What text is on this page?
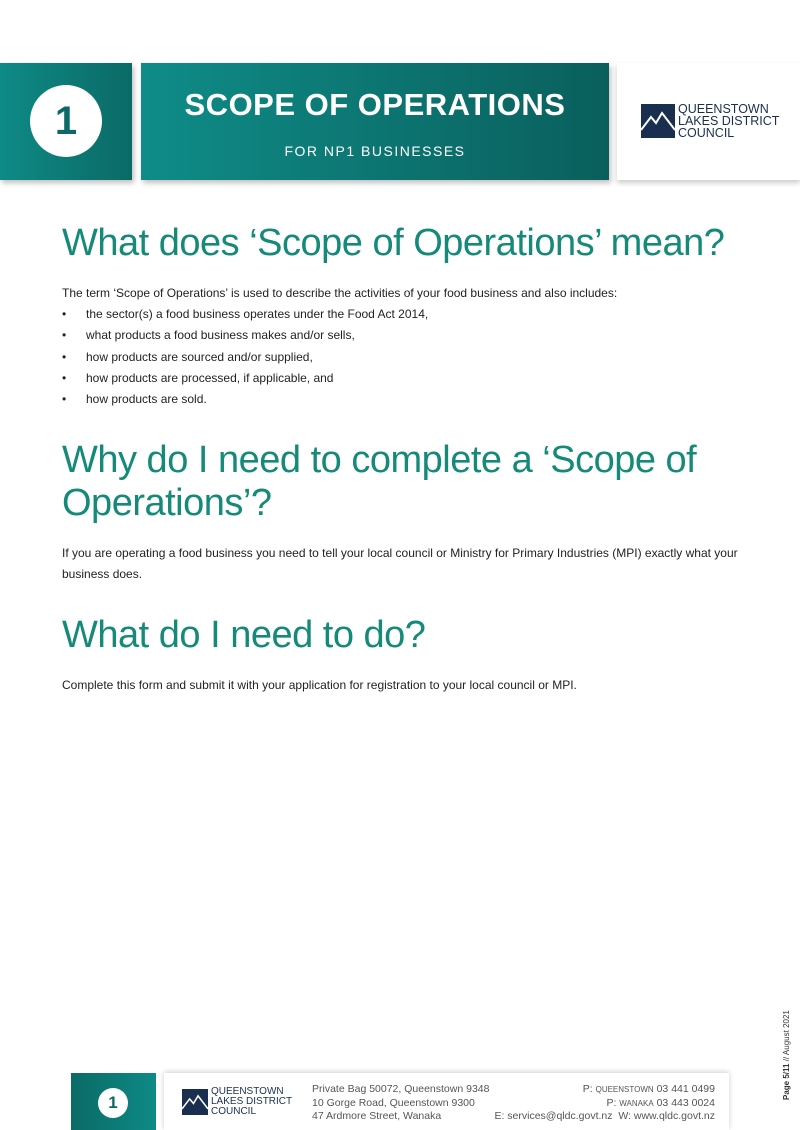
1	SCOPE OF OPERATIONS
FOR NP1 BUSINESSES
QUEENSTOWN
LAKES DISTRICT
COUNCIL
What does ‘Scope of Operations’ mean?

The term ‘Scope of Operations’ is used to describe the activities of your food business and also includes:

• the sector(s) a food business operates under the Food Act 2014,
• what products a food business makes and/or sells,
• how products are sourced and/or supplied,
• how products are processed, if applicable, and
• how products are sold.
Why do I need to complete a ‘Scope of Operations’?

If you are operating a food business you need to tell your local council or Ministry for Primary Industries (MPI) exactly what your business does.

What do I need to do?

Complete this form and submit it with your application for registration to your local council or MPI.

1
QUEENSTOWN
LAKES DISTRICT
COUNCIL
Private Bag 50072, Queenstown 9348
10 Gorge Road, Queenstown 9300
47 Ardmore Street, Wanaka
P: QUEENSTOWN 03 441 0499
P: WANAKA 03 443 0024
E: services@qldc.govt.nz  W: www.qldc.govt.nz
Page 5/11 // August 2021
